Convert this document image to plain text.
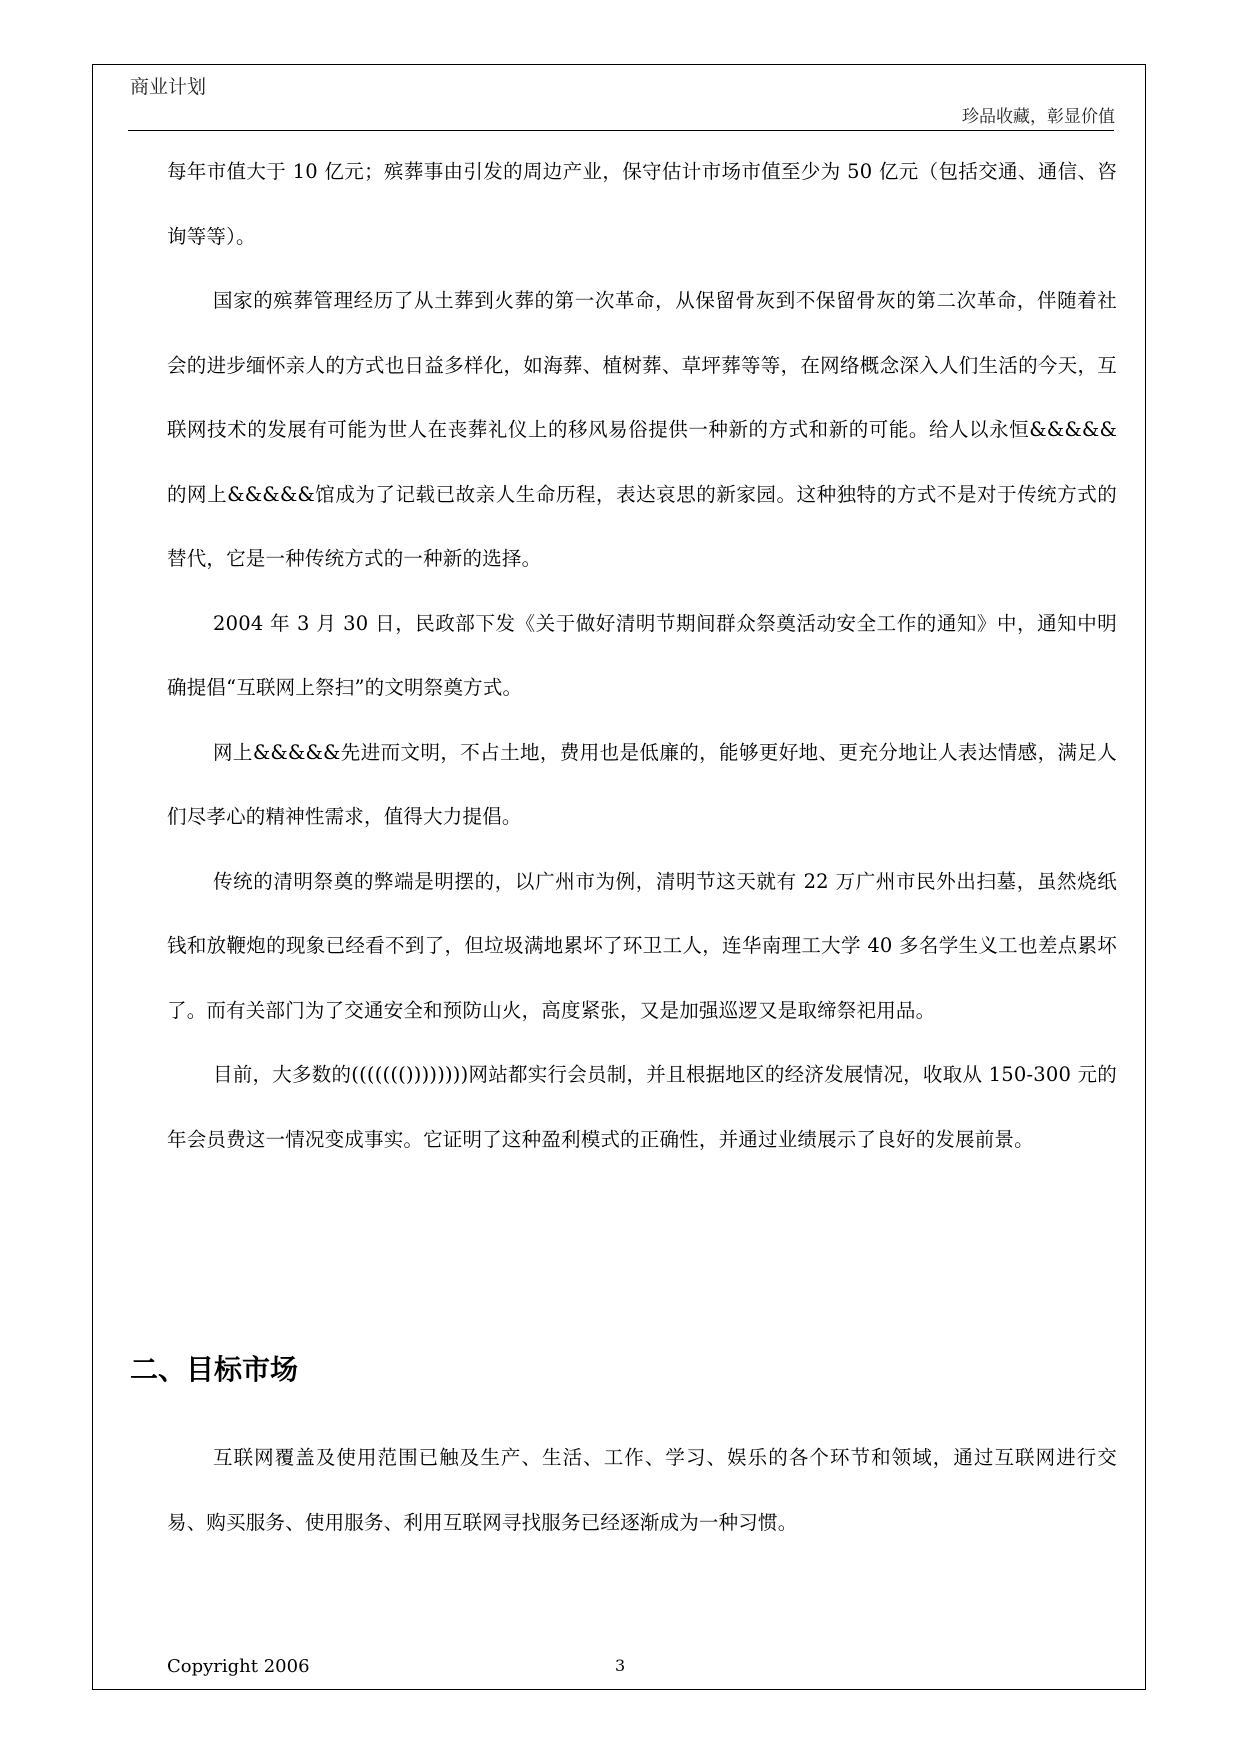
商业计划
珍品收藏，彰显价值

每年市值大于 10 亿元；殡葬事由引发的周边产业，保守估计市场市值至少为 50 亿元（包括交通、通信、咨询等等）。

国家的殡葬管理经历了从土葬到火葬的第一次革命，从保留骨灰到不保留骨灰的第二次革命，伴随着社会的进步缅怀亲人的方式也日益多样化，如海葬、植树葬、草坪葬等等，在网络概念深入人们生活的今天，互联网技术的发展有可能为世人在丧葬礼仪上的移风易俗提供一种新的方式和新的可能。给人以永恒&&&&&的网上&&&&&馆成为了记载已故亲人生命历程，表达哀思的新家园。这种独特的方式不是对于传统方式的替代，它是一种传统方式的一种新的选择。

2004 年 3 月 30 日，民政部下发《关于做好清明节期间群众祭奠活动安全工作的通知》中，通知中明确提倡“互联网上祭扫”的文明祭奠方式。

网上&&&&&先进而文明，不占土地，费用也是低廉的，能够更好地、更充分地让人表达情感，满足人们尽孝心的精神性需求，值得大力提倡。

传统的清明祭奠的弊端是明摆的，以广州市为例，清明节这天就有 22 万广州市民外出扫墓，虽然烧纸钱和放鞭炮的现象已经看不到了，但垃圾满地累坏了环卫工人，连华南理工大学 40 多名学生义工也差点累坏了。而有关部门为了交通安全和预防山火，高度紧张，又是加强巡逻又是取缔祭祀用品。

目前，大多数的((((((())))))))网站都实行会员制，并且根据地区的经济发展情况，收取从 150-300 元的年会员费这一情况变成事实。它证明了这种盈利模式的正确性，并通过业绩展示了良好的发展前景。

二、目标市场

互联网覆盖及使用范围已触及生产、生活、工作、学习、娱乐的各个环节和领域，通过互联网进行交易、购买服务、使用服务、利用互联网寻找服务已经逐渐成为一种习惯。

Copyright 2006	3
